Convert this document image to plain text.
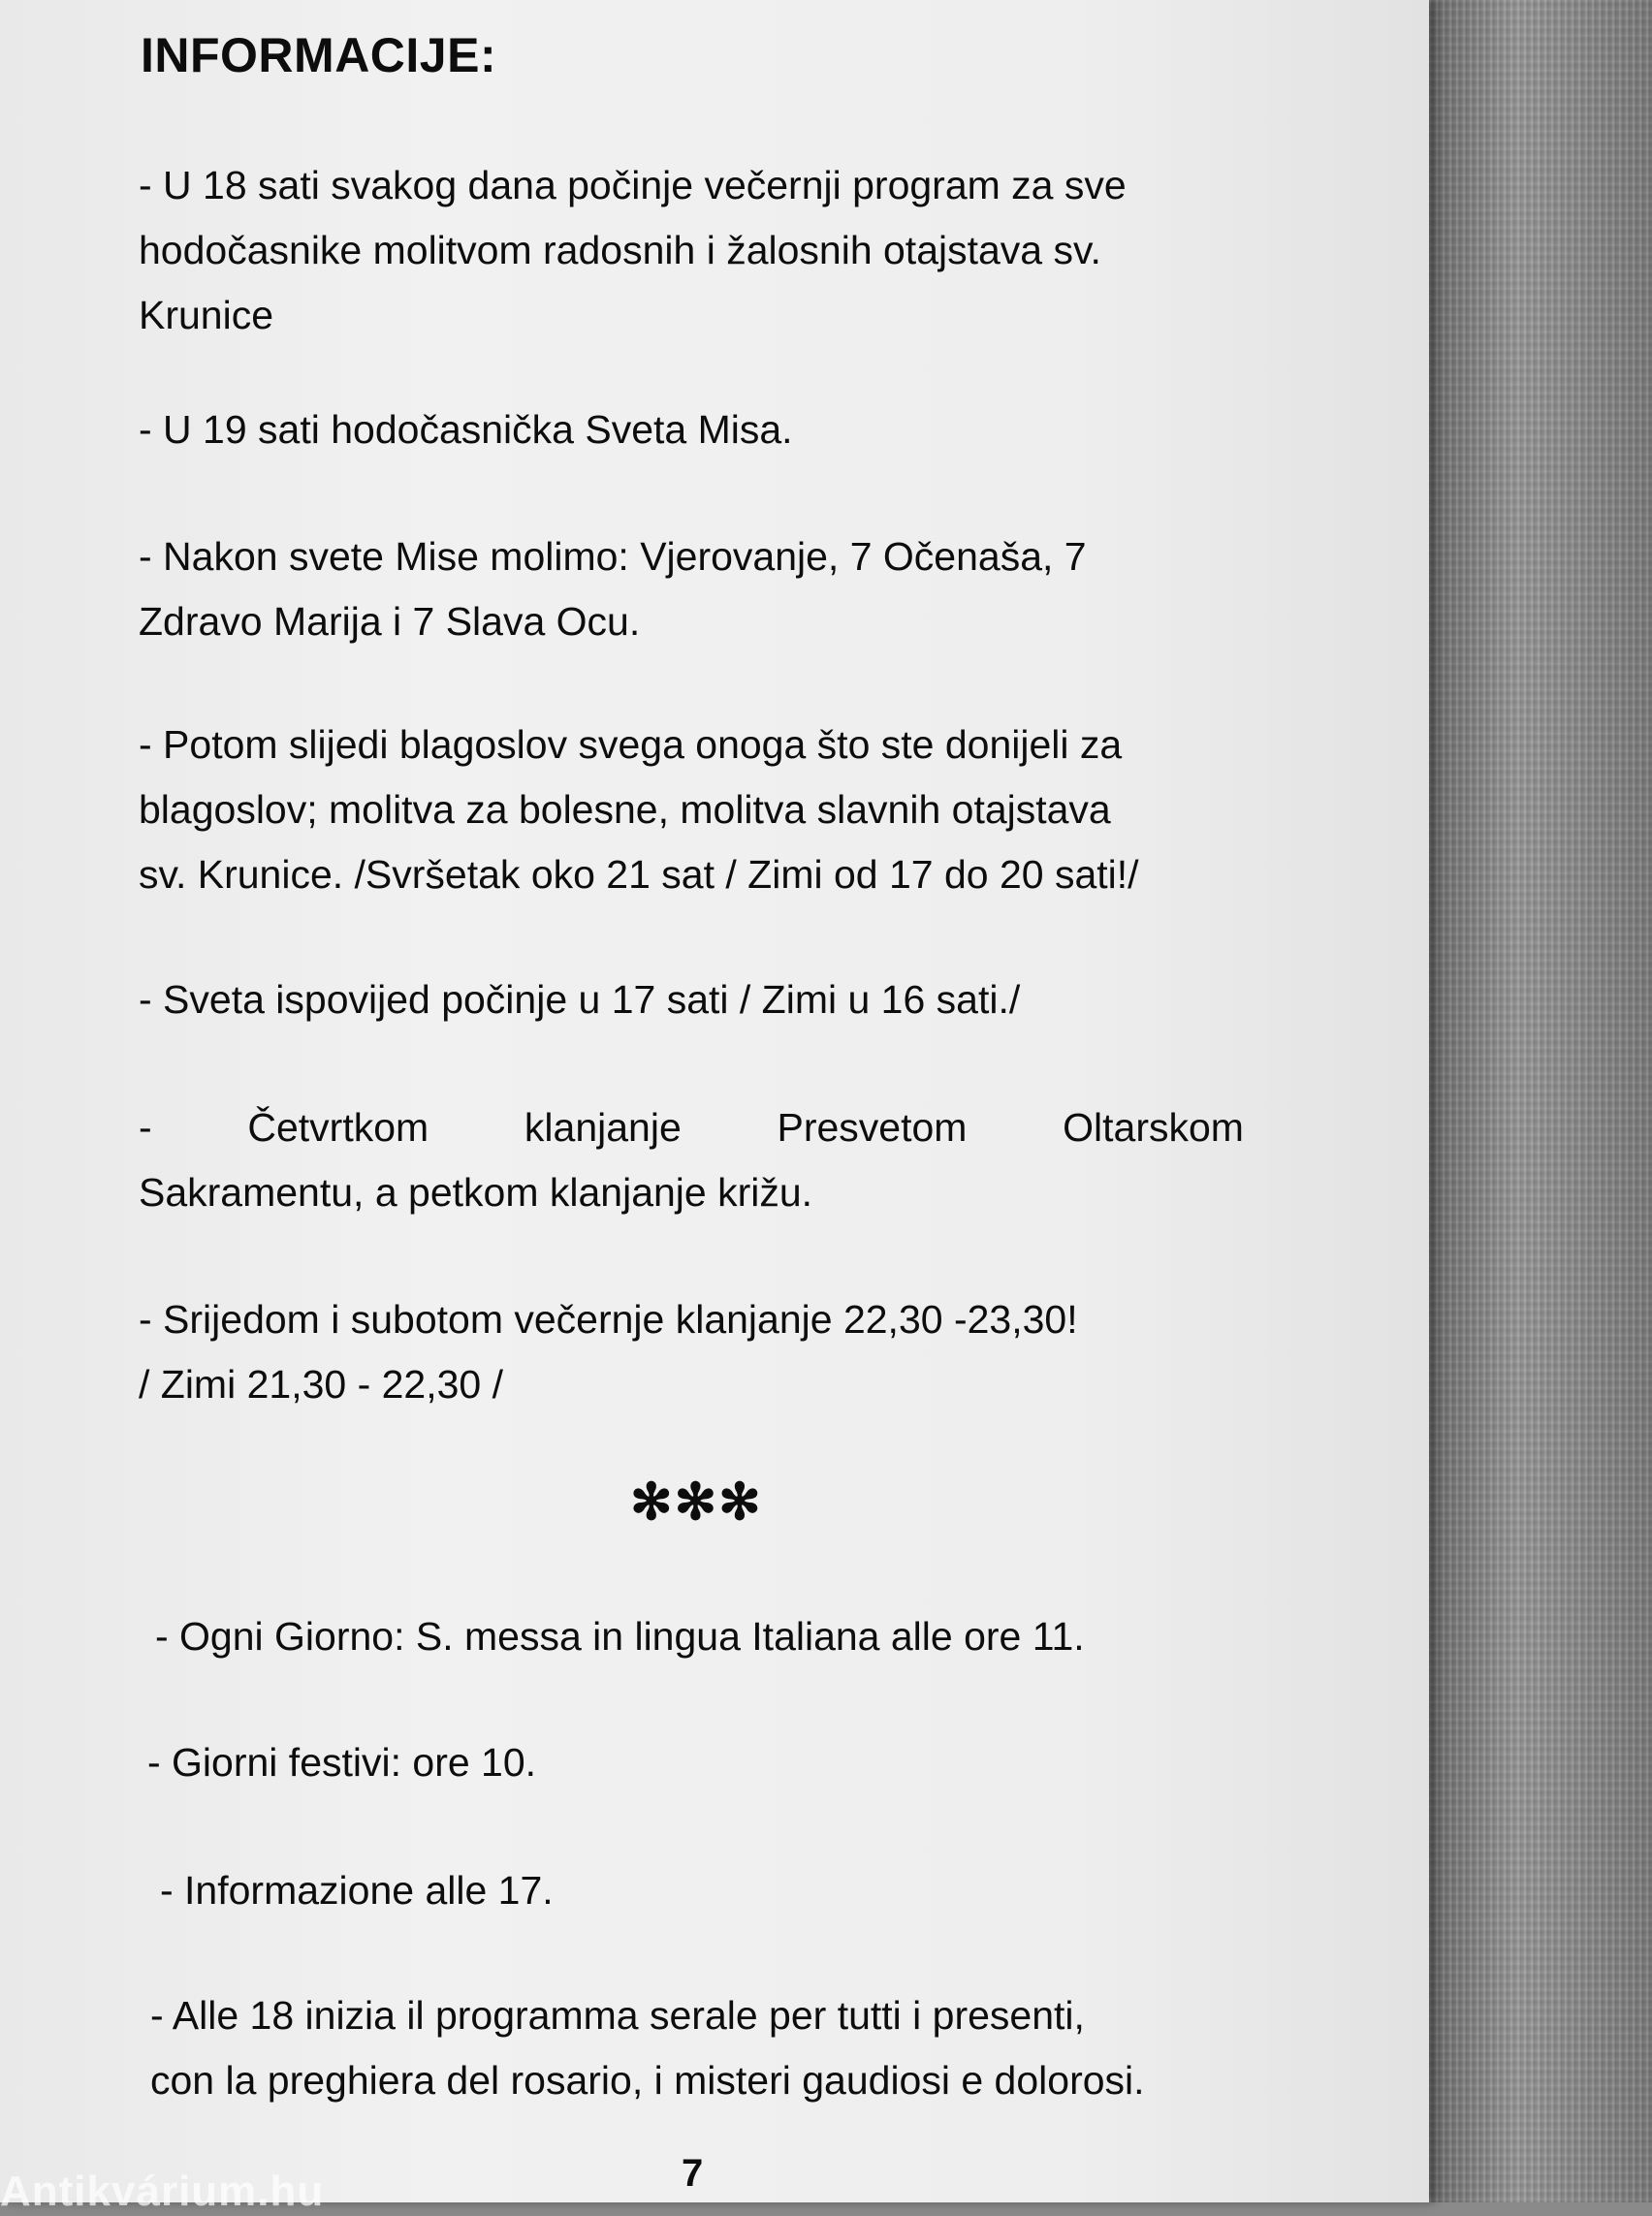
INFORMACIJE:
- U 18 sati svakog dana počinje večernji program za sve
hodočasnike molitvom radosnih i žalosnih otajstava sv.
Krunice
- U 19 sati hodočasnička Sveta Misa.
- Nakon svete Mise molimo: Vjerovanje, 7 Očenaša, 7
Zdravo Marija i 7 Slava Ocu.
- Potom slijedi blagoslov svega onoga što ste donijeli za
blagoslov; molitva za bolesne, molitva slavnih otajstava
sv. Krunice. /Svršetak oko 21 sat / Zimi od 17 do 20 sati!/
- Sveta ispovijed počinje u 17 sati / Zimi u 16 sati./
- Četvrtkom klanjanje Presvetom Oltarskom
Sakramentu, a petkom klanjanje križu.
- Srijedom i subotom večernje klanjanje 22,30 -23,30!
/ Zimi 21,30 - 22,30 /
✻✻✻
- Ogni Giorno: S. messa in lingua Italiana alle ore 11.
- Giorni festivi: ore 10.
- Informazione alle 17.
- Alle 18 inizia il programma serale per tutti i presenti,
con la preghiera del rosario, i misteri gaudiosi e dolorosi.
7
Antikvárium.hu
